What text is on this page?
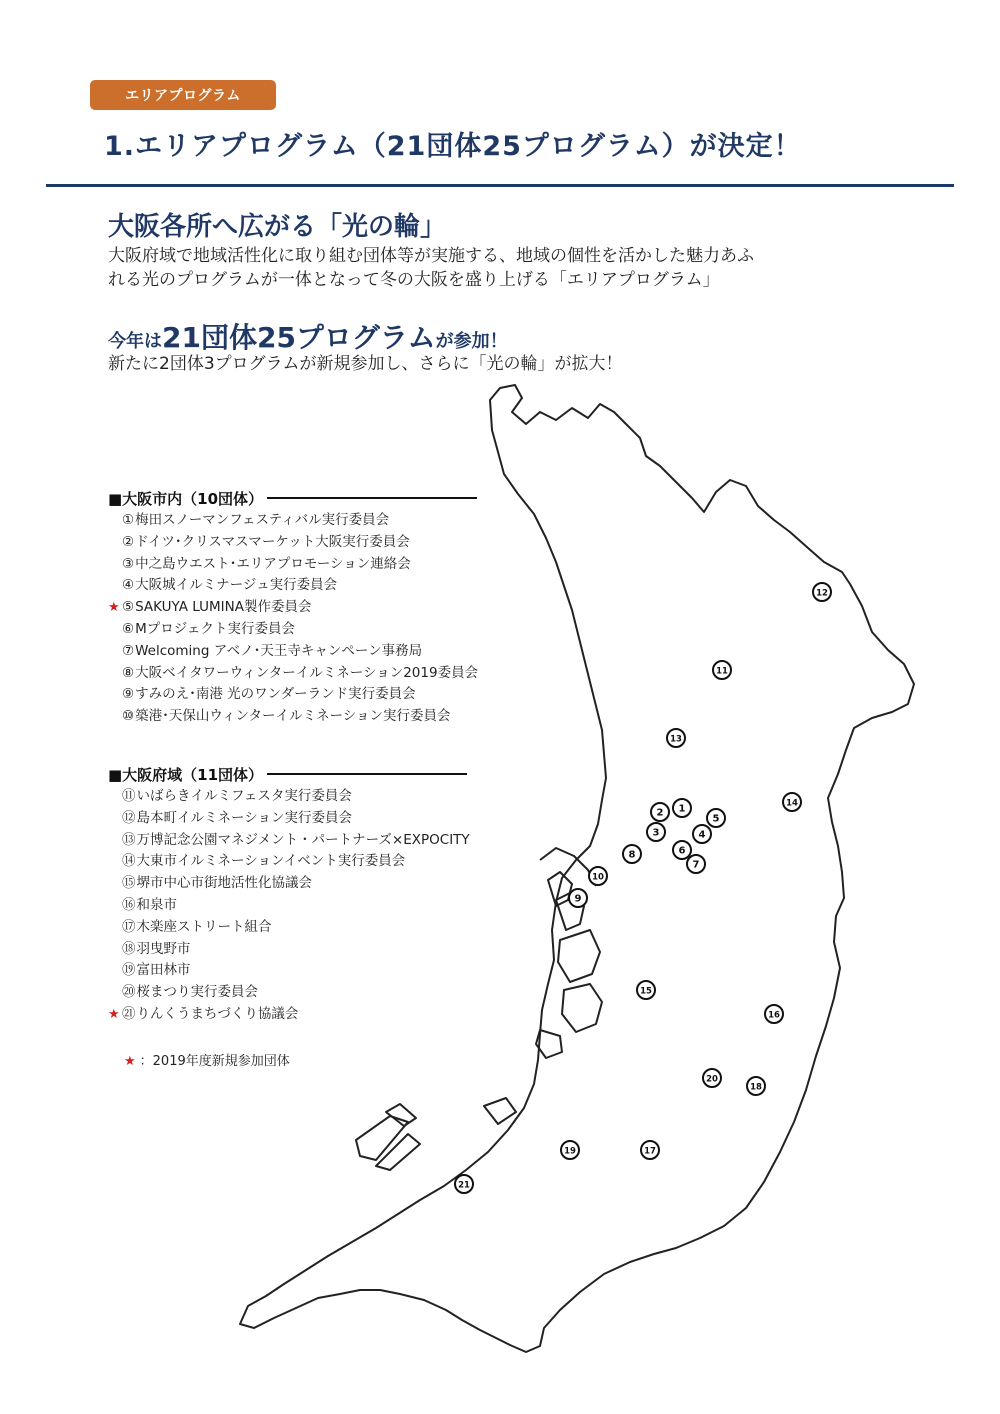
エリアプログラム
1.エリアプログラム（21団体25プログラム）が決定！
大阪各所へ広がる「光の輪」
大阪府域で地域活性化に取り組む団体等が実施する、地域の個性を活かした魅力あふ
れる光のプログラムが一体となって冬の大阪を盛り上げる「エリアプログラム」
今年は21団体25プログラムが参加！
新たに2団体3プログラムが新規参加し、さらに「光の輪」が拡大！
1
2
3	4
5
6
7
8
9
10
11
12
13
14
15
16
17
18
19
20
21
■大阪市内（10団体）
①梅田スノーマンフェスティバル実行委員会
②ドイツ･クリスマスマーケット大阪実行委員会
③中之島ウエスト･エリアプロモーション連絡会
④大阪城イルミナージュ実行委員会
★ ⑤SAKUYA LUMINA製作委員会
⑥Mプロジェクト実行委員会
⑦Welcoming アベノ･天王寺キャンペーン事務局
⑧大阪ベイタワーウィンターイルミネーション2019委員会
⑨すみのえ･南港 光のワンダーランド実行委員会
⑩築港･天保山ウィンターイルミネーション実行委員会
■大阪府域（11団体）
⑪いばらきイルミフェスタ実行委員会
⑫島本町イルミネーション実行委員会
⑬万博記念公園マネジメント・パートナーズ×EXPOCITY
⑭大東市イルミネーションイベント実行委員会
⑮堺市中心市街地活性化協議会
⑯和泉市
⑰木楽座ストリート組合
⑱羽曳野市
⑲富田林市
⑳桜まつり実行委員会
★ ㉑りんくうまちづくり協議会
★ ：2019年度新規参加団体
